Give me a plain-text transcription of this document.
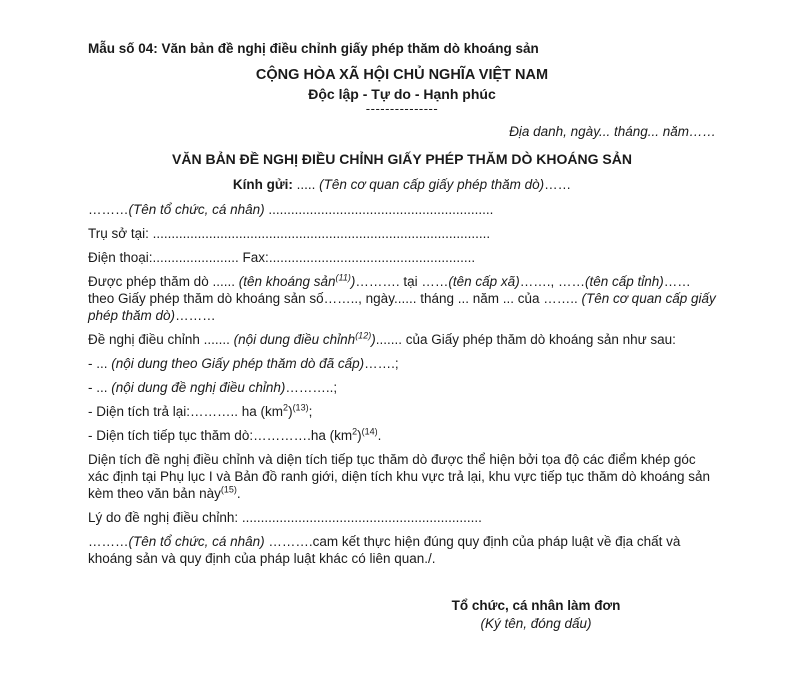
Mẫu số 04: Văn bản đề nghị điều chỉnh giấy phép thăm dò khoáng sản

CỘNG HÒA XÃ HỘI CHỦ NGHĨA VIỆT NAM
Độc lập - Tự do - Hạnh phúc
---------------

Địa danh, ngày... tháng... năm……

VĂN BẢN ĐỀ NGHỊ ĐIỀU CHỈNH GIẤY PHÉP THĂM DÒ KHOÁNG SẢN

Kính gửi: ..... (Tên cơ quan cấp giấy phép thăm dò)……

………(Tên tổ chức, cá nhân) ............................................................

Trụ sở tại: ..........................................................................................

Điện thoại:....................... Fax:.......................................................

Được phép thăm dò ...... (tên khoáng sản$^{(11)}$)………. tại ……(tên cấp xã)……., ……(tên cấp tỉnh)…… theo Giấy phép thăm dò khoáng sản số…….., ngày...... tháng ... năm ... của …….. (Tên cơ quan cấp giấy phép thăm dò)………

Đề nghị điều chỉnh ....... (nội dung điều chỉnh$^{(12)}$)....... của Giấy phép thăm dò khoáng sản như sau:

- ... (nội dung theo Giấy phép thăm dò đã cấp)…….;

- ... (nội dung đề nghị điều chỉnh)………..;

- Diện tích trả lại:……….. ha $(km^2)^{(13)}$;

- Diện tích tiếp tục thăm dò:………….ha $(km^2)^{(14)}$.

Diện tích đề nghị điều chỉnh và diện tích tiếp tục thăm dò được thể hiện bởi tọa độ các điểm khép góc xác định tại Phụ lục I và Bản đồ ranh giới, diện tích khu vực trả lại, khu vực tiếp tục thăm dò khoáng sản kèm theo văn bản này$^{(15)}$.

Lý do đề nghị điều chỉnh: ................................................................

………(Tên tổ chức, cá nhân) ……….cam kết thực hiện đúng quy định của pháp luật về địa chất và khoáng sản và quy định của pháp luật khác có liên quan./.

Tổ chức, cá nhân làm đơn
(Ký tên, đóng dấu)
